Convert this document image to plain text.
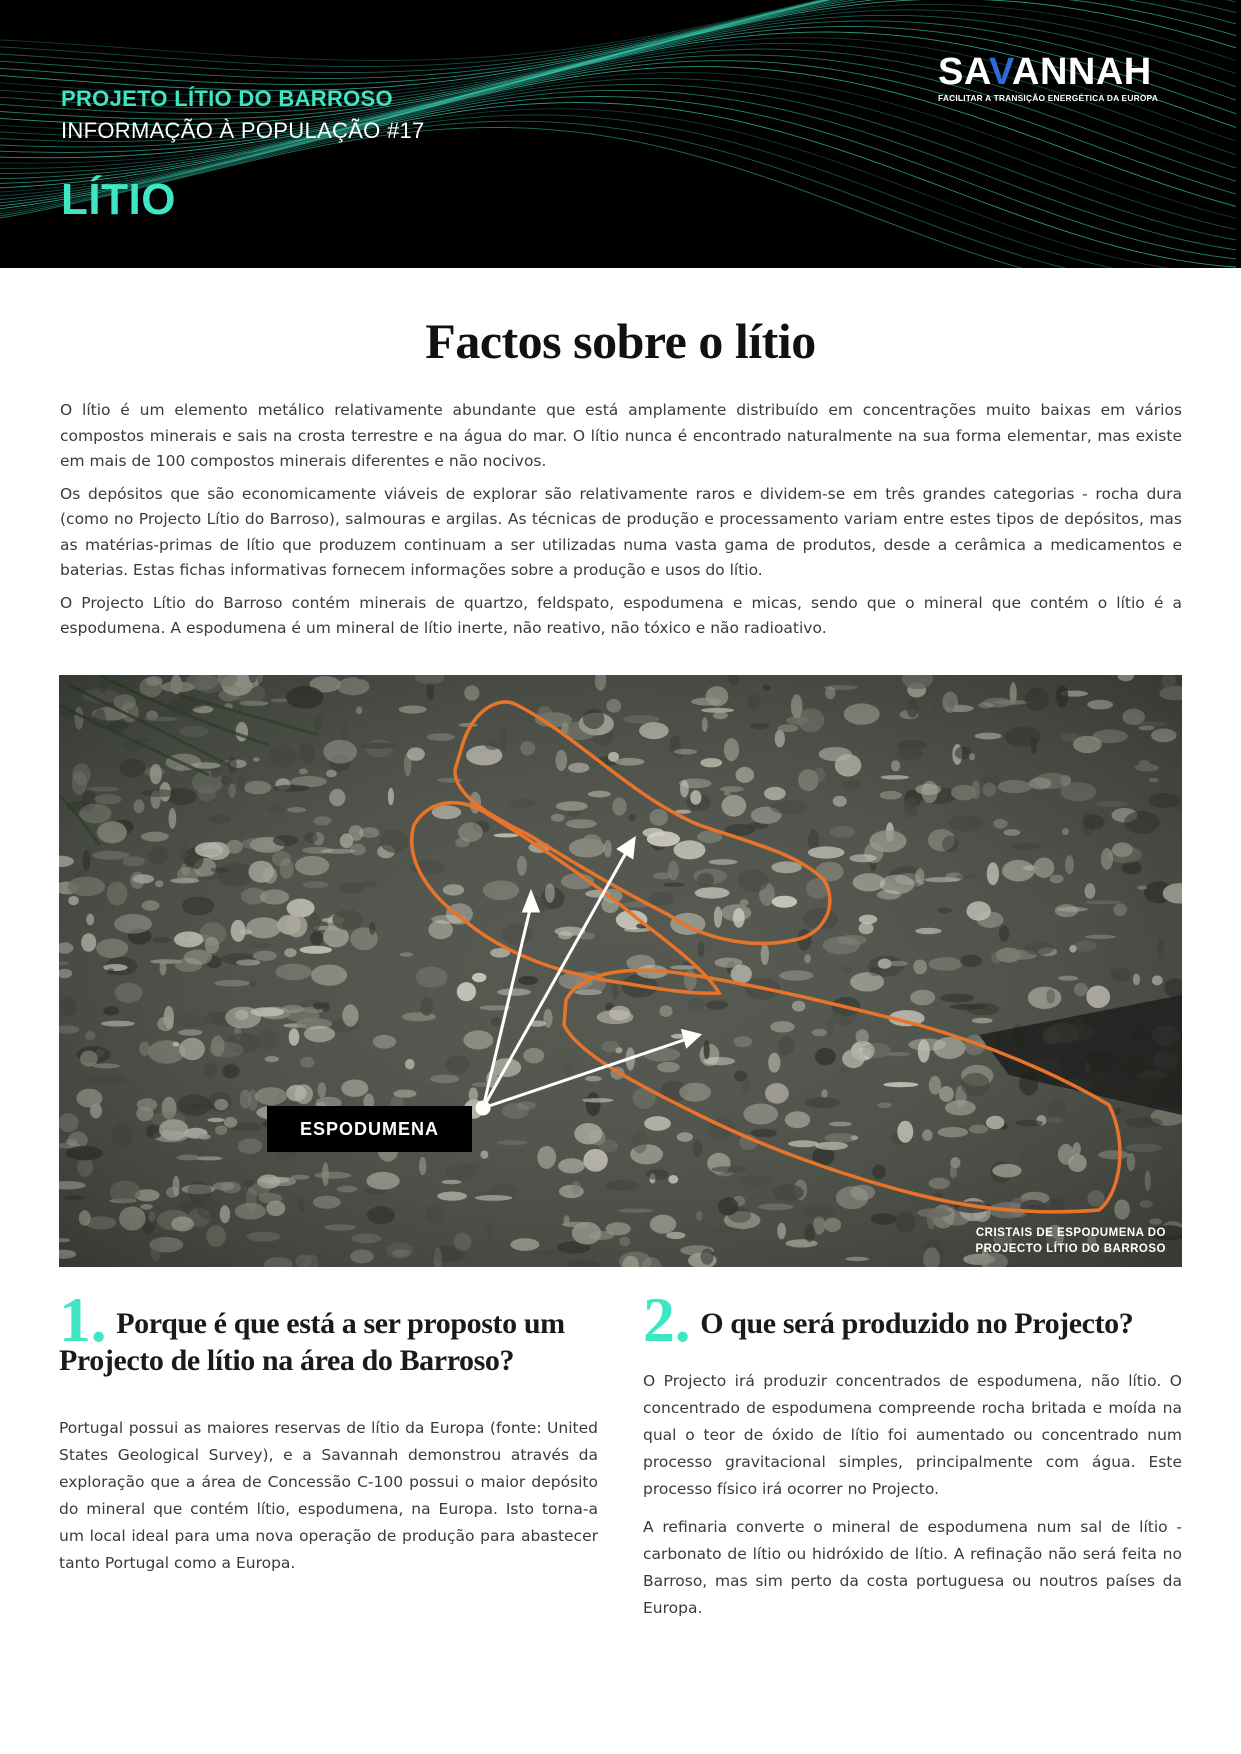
PROJETO LÍTIO DO BARROSO
INFORMAÇÃO À POPULAÇÃO #17
LÍTIO
SAVANNAH
FACILITAR A TRANSIÇÃO ENERGÉTICA DA EUROPA
Factos sobre o lítio

O lítio é um elemento metálico relativamente abundante que está amplamente distribuído em concentrações muito baixas em vários compostos minerais e sais na crosta terrestre e na água do mar. O lítio nunca é encontrado naturalmente na sua forma elementar, mas existe em mais de 100 compostos minerais diferentes e não nocivos.

Os depósitos que são economicamente viáveis de explorar são relativamente raros e dividem-se em três grandes categorias - rocha dura (como no Projecto Lítio do Barroso), salmouras e argilas. As técnicas de produção e processamento variam entre estes tipos de depósitos, mas as matérias-primas de lítio que produzem continuam a ser utilizadas numa vasta gama de produtos, desde a cerâmica a medicamentos e baterias. Estas fichas informativas fornecem informações sobre a produção e usos do lítio.

O Projecto Lítio do Barroso contém minerais de quartzo, feldspato, espodumena e micas, sendo que o mineral que contém o lítio é a espodumena. A espodumena é um mineral de lítio inerte, não reativo, não tóxico e não radioativo.

ESPODUMENA
CRISTAIS DE ESPODUMENA DO
PROJECTO LÍTIO DO BARROSO
1. Porque é que está a ser proposto um Projecto de lítio na área do Barroso?

Portugal possui as maiores reservas de lítio da Europa (fonte: United States Geological Survey), e a Savannah demonstrou através da exploração que a área de Concessão C-100 possui o maior depósito do mineral que contém lítio, espodumena, na Europa. Isto torna-a um local ideal para uma nova operação de produção para abastecer tanto Portugal como a Europa.

2. O que será produzido no Projecto?

O Projecto irá produzir concentrados de espodumena, não lítio. O concentrado de espodumena compreende rocha britada e moída na qual o teor de óxido de lítio foi aumentado ou concentrado num processo gravitacional simples, principalmente com água. Este processo físico irá ocorrer no Projecto.

A refinaria converte o mineral de espodumena num sal de lítio - carbonato de lítio ou hidróxido de lítio. A refinação não será feita no Barroso, mas sim perto da costa portuguesa ou noutros países da Europa.
